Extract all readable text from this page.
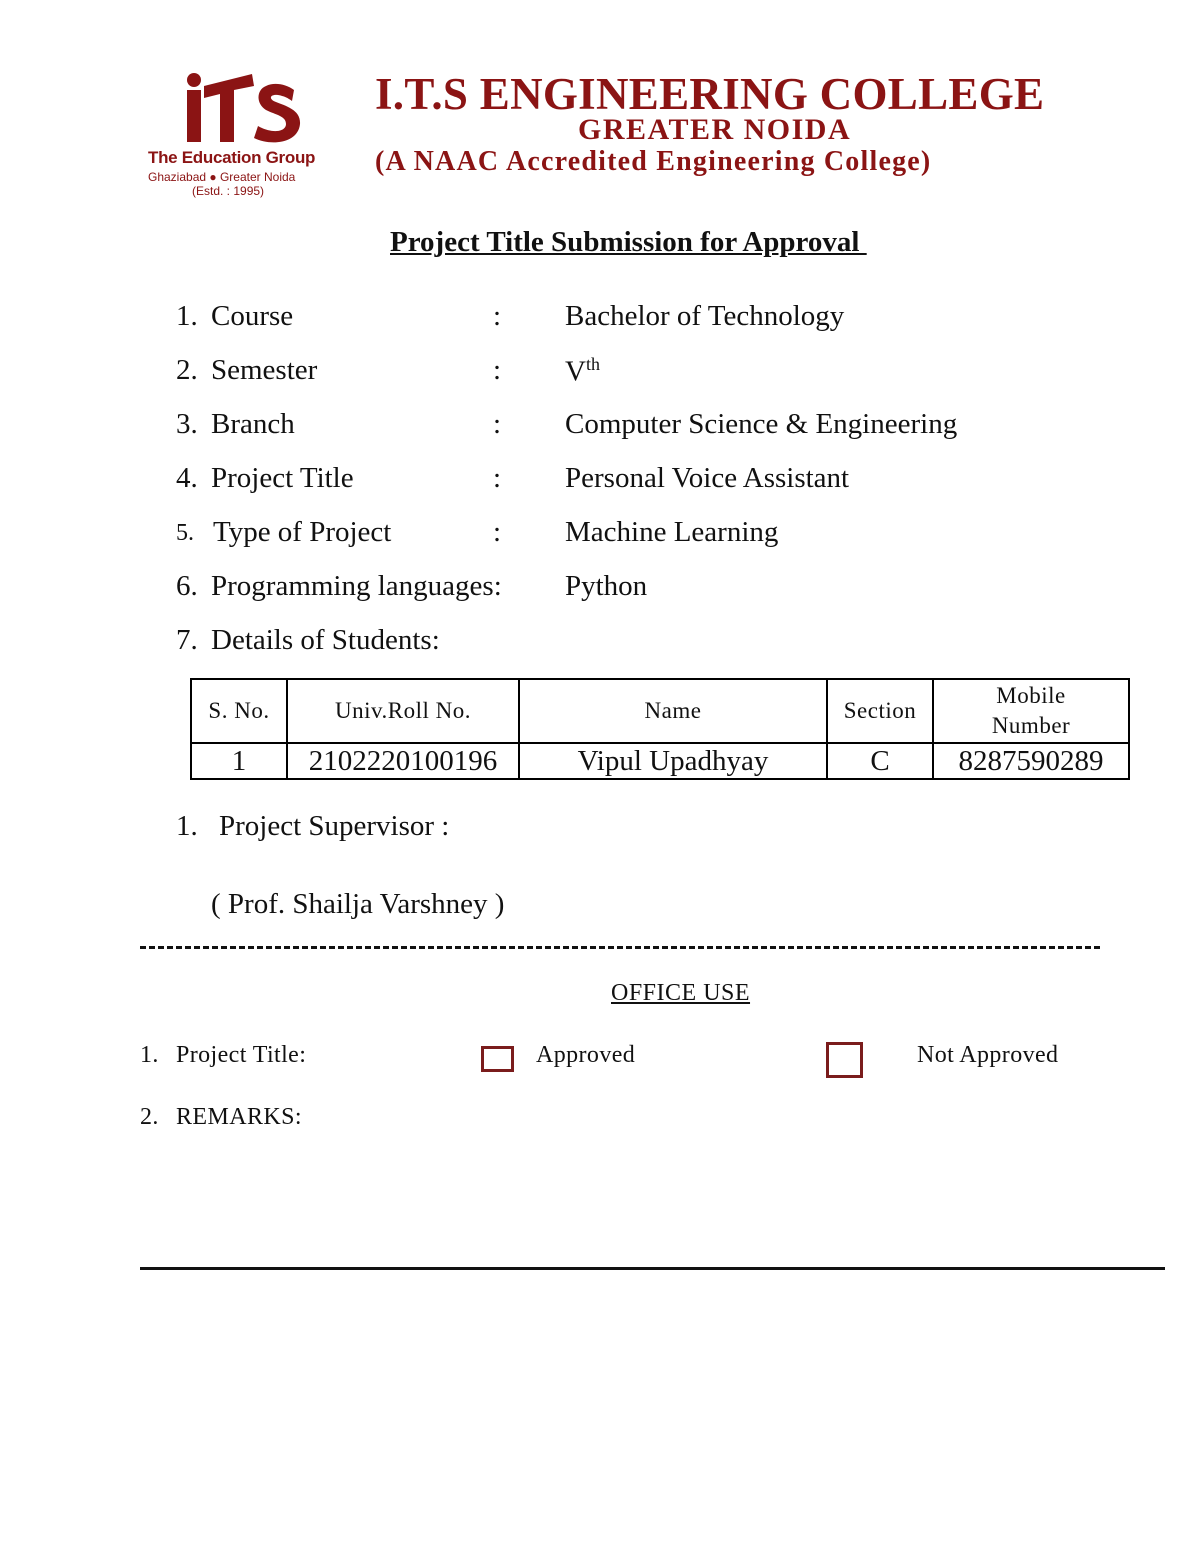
The Education Group
Ghaziabad ● Greater Noida
(Estd. : 1995)
I.T.S ENGINEERING COLLEGE
GREATER NOIDA
(A NAAC Accredited Engineering College)
Project Title Submission for Approval
1. Course	: Bachelor of Technology
2. Semester	: Vth
3. Branch	: Computer Science & Engineering
4. Project Title	: Personal Voice Assistant
5. Type of Project	: Machine Learning
6. Programming languages: Python
7. Details of Students:
S. No.	Univ.Roll No.	Name	Section	Mobile
Number
1	2102220100196	Vipul Upadhyay	C	8287590289
1. Project Supervisor :
( Prof. Shailja Varshney )
OFFICE USE
1. Project Title:	Approved	Not Approved
2. REMARKS:
